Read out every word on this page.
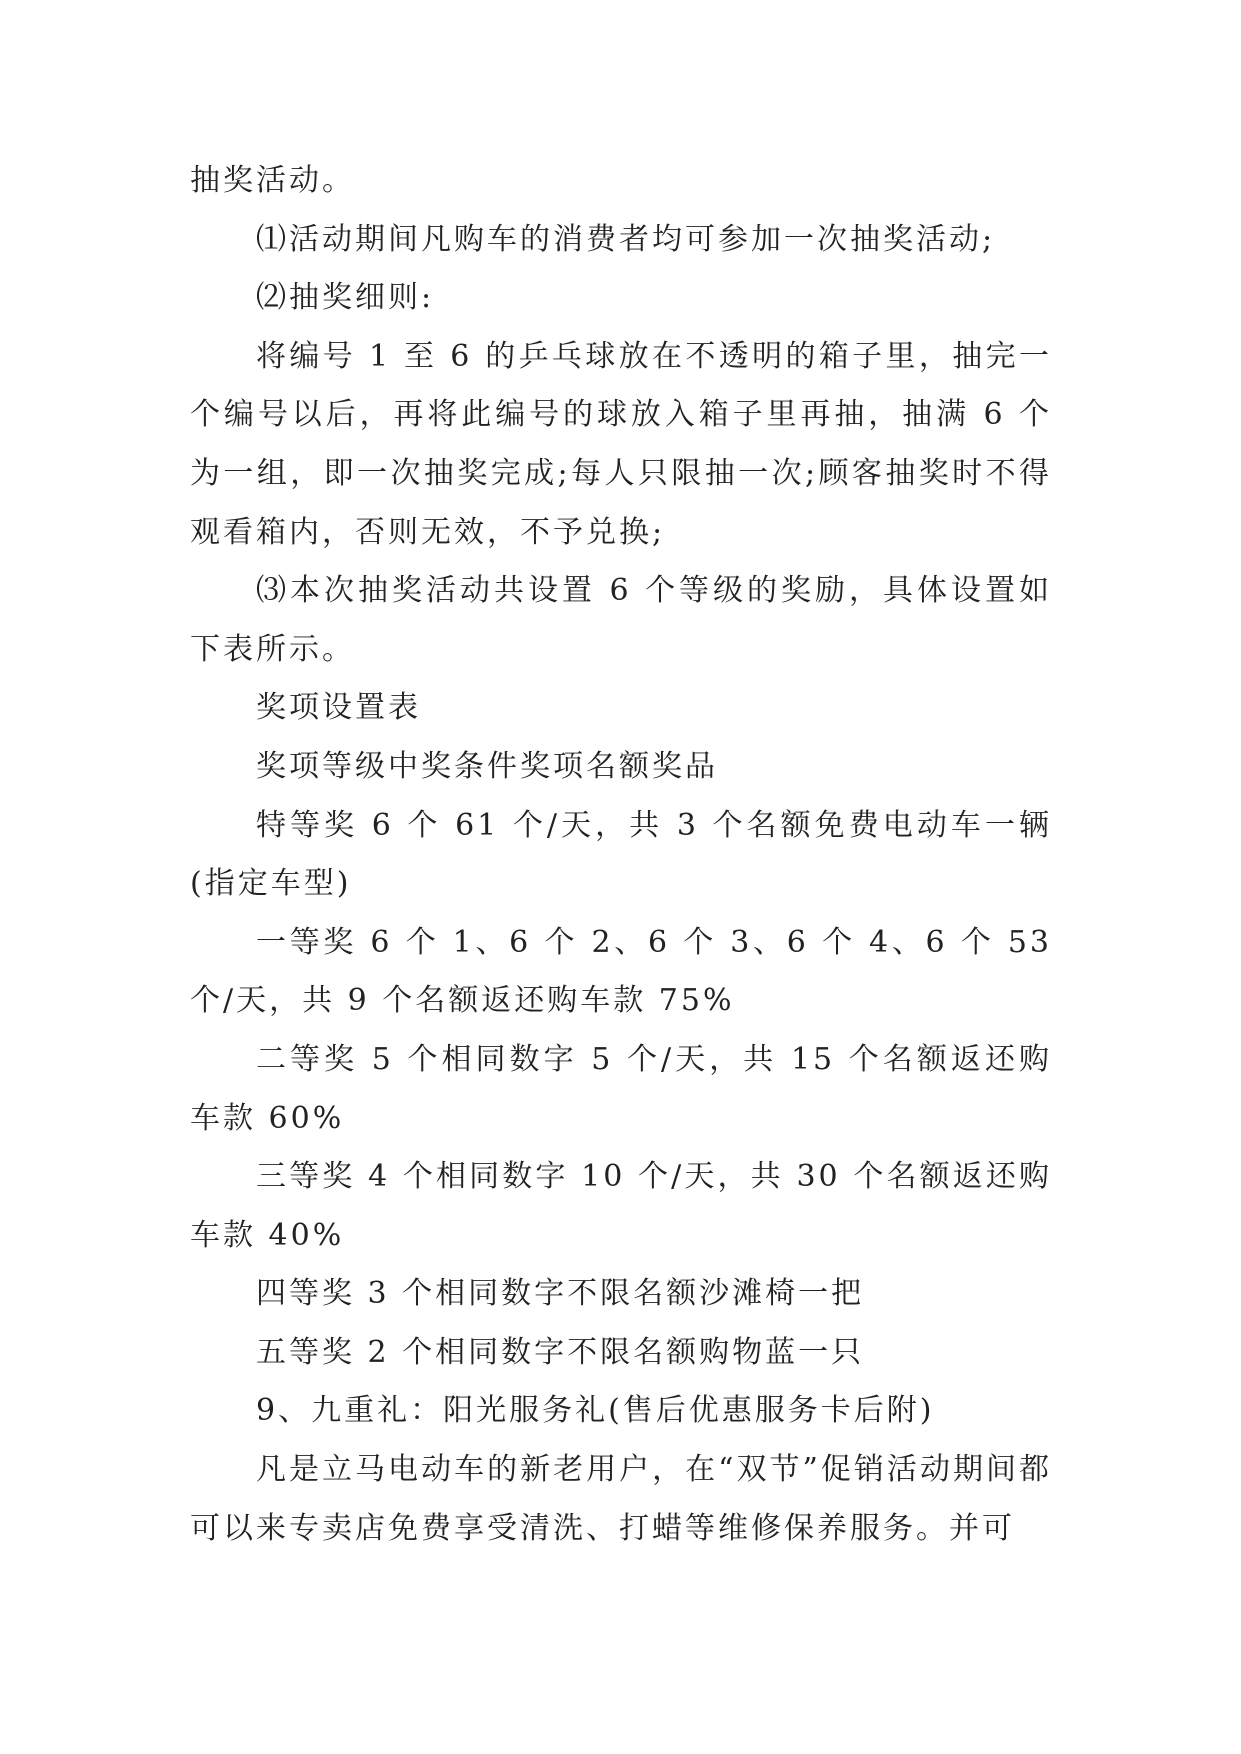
抽奖活动。

⑴活动期间凡购车的消费者均可参加一次抽奖活动;

⑵抽奖细则:

将编号 1 至 6 的乒乓球放在不透明的箱子里，抽完一个编号以后，再将此编号的球放入箱子里再抽，抽满 6 个为一组，即一次抽奖完成;每人只限抽一次;顾客抽奖时不得观看箱内，否则无效，不予兑换;

⑶本次抽奖活动共设置 6 个等级的奖励，具体设置如下表所示。

奖项设置表

奖项等级中奖条件奖项名额奖品

特等奖 6 个 61 个/天，共 3 个名额免费电动车一辆(指定车型)

一等奖 6 个 1、6 个 2、6 个 3、6 个 4、6 个 53 个/天，共 9 个名额返还购车款 75%

二等奖 5 个相同数字 5 个/天，共 15 个名额返还购车款 60%

三等奖 4 个相同数字 10 个/天，共 30 个名额返还购车款 40%

四等奖 3 个相同数字不限名额沙滩椅一把

五等奖 2 个相同数字不限名额购物蓝一只

9、九重礼：阳光服务礼(售后优惠服务卡后附)

凡是立马电动车的新老用户，在“双节”促销活动期间都可以来专卖店免费享受清洗、打蜡等维修保养服务。并可
